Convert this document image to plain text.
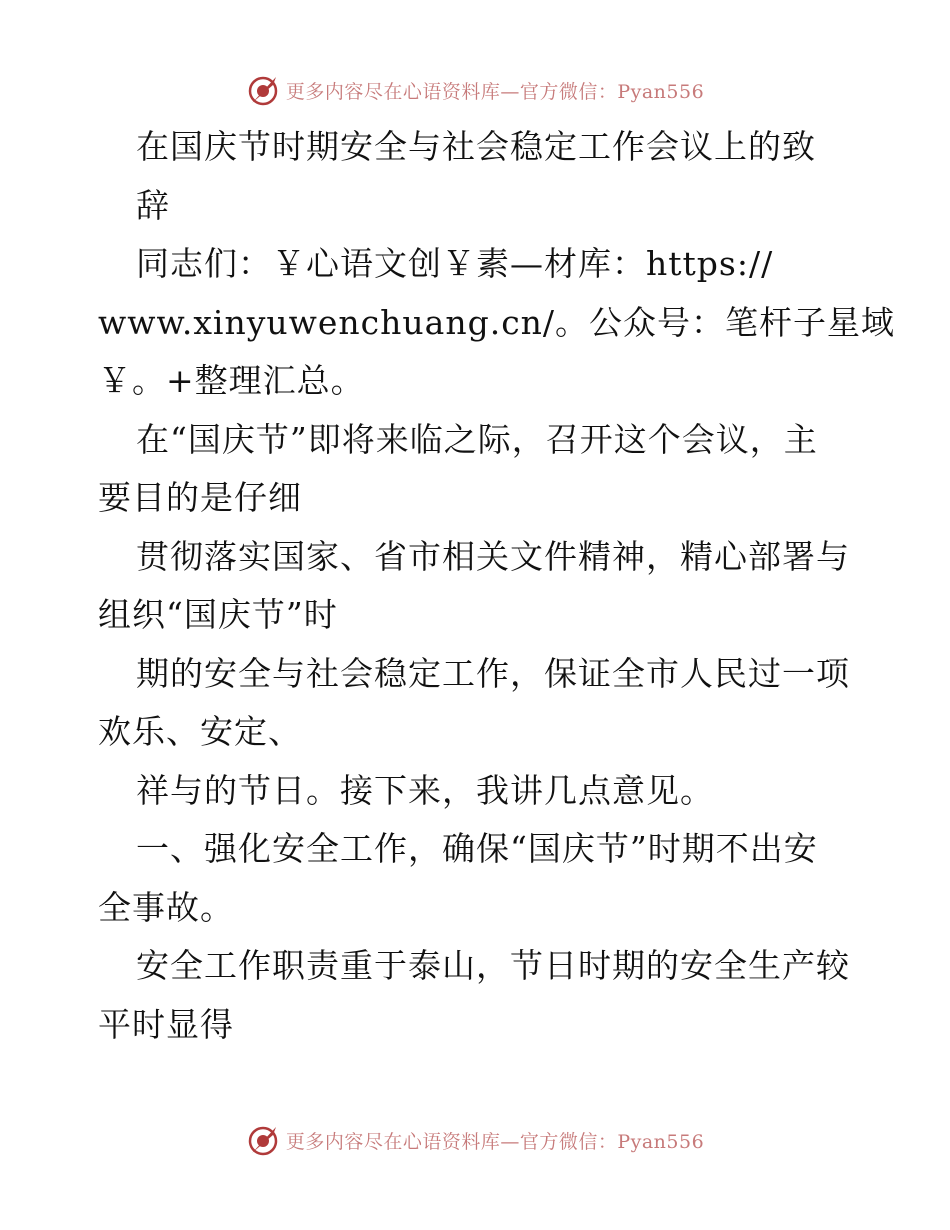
更多内容尽在心语资料库—官方微信：Pyan556
在国庆节时期安全与社会稳定工作会议上的致
辞
同志们：￥心语文创￥素—材库：https://
www.xinyuwenchuang.cn/。公众号：笔杆子星域
￥。+整理汇总。
在“国庆节”即将来临之际，召开这个会议，主
要目的是仔细
贯彻落实国家、省市相关文件精神，精心部署与
组织“国庆节”时
期的安全与社会稳定工作，保证全市人民过一项
欢乐、安定、
祥与的节日。接下来，我讲几点意见。
一、强化安全工作，确保“国庆节”时期不出安
全事故。
安全工作职责重于泰山，节日时期的安全生产较
平时显得
更多内容尽在心语资料库—官方微信：Pyan556
